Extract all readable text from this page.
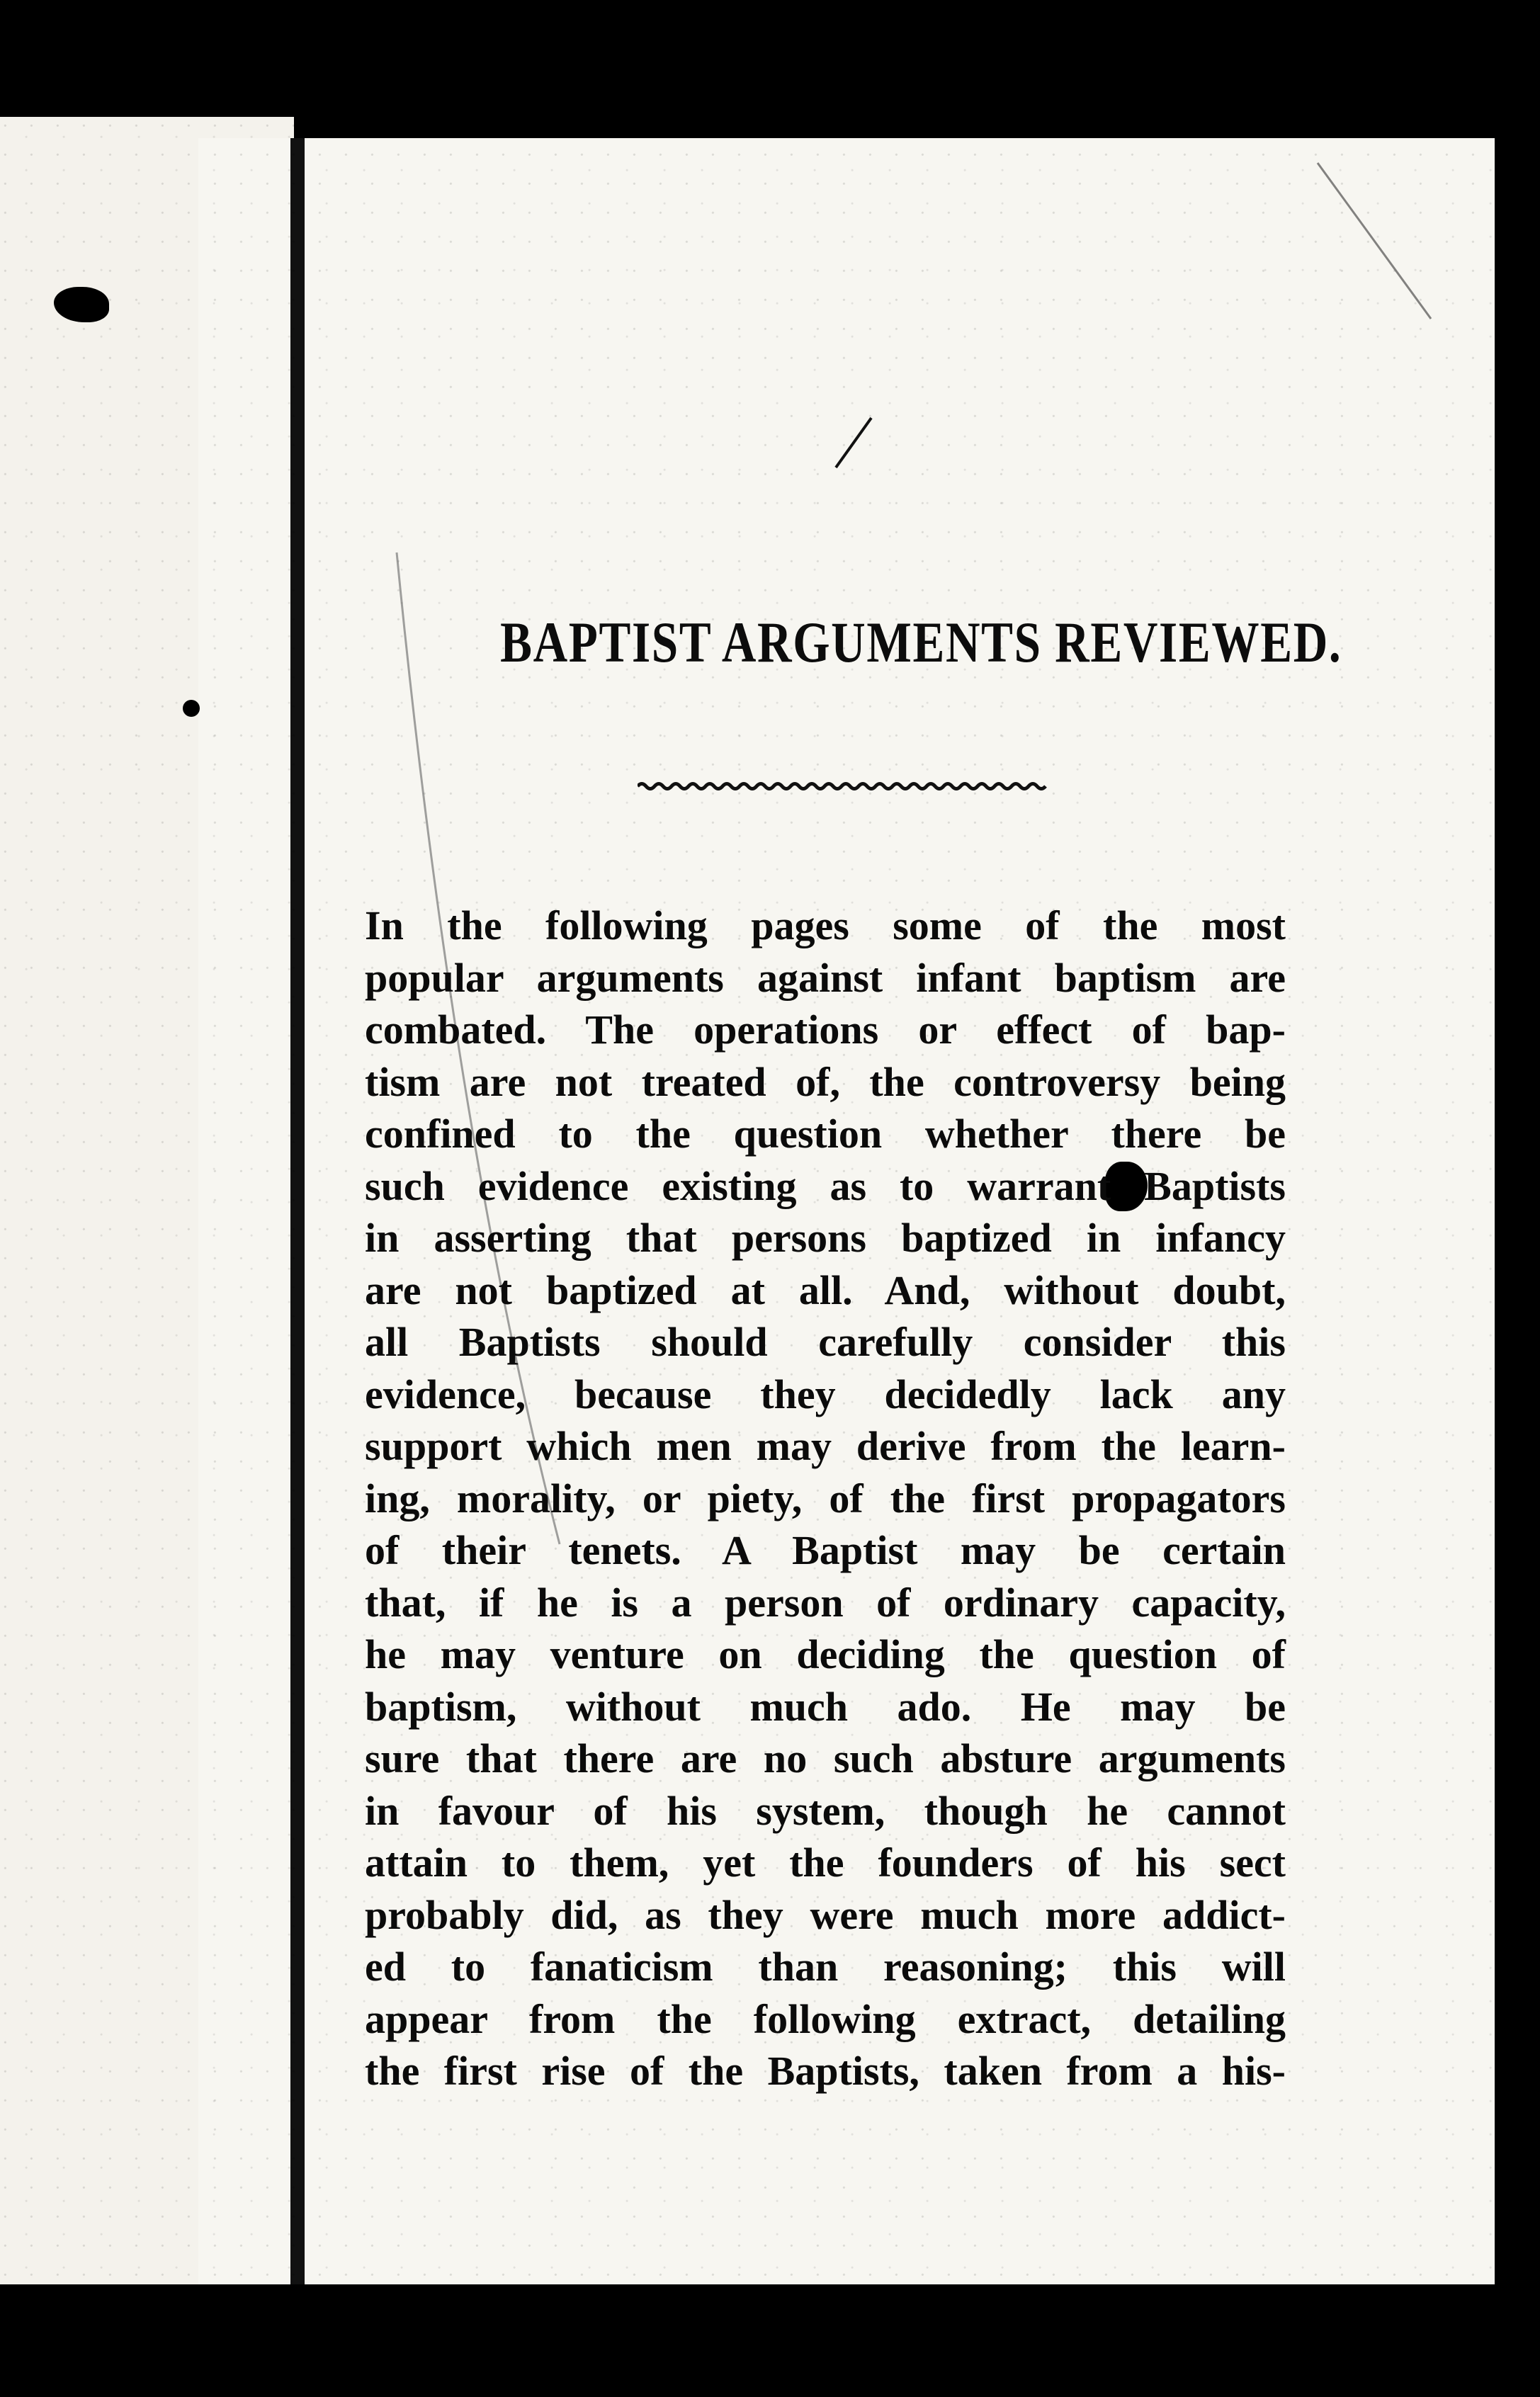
BAPTIST ARGUMENTS REVIEWED.
In the following pages some of the most
popular arguments against infant baptism are
combated. The operations or effect of bap-
tism are not treated of, the controversy being
confined to the question whether there be
such evidence existing as to warrant Baptists
in asserting that persons baptized in infancy
are not baptized at all. And, without doubt,
all Baptists should carefully consider this
evidence, because they decidedly lack any
support which men may derive from the learn-
ing, morality, or piety, of the first propagators
of their tenets. A Baptist may be certain
that, if he is a person of ordinary capacity,
he may venture on deciding the question of
baptism, without much ado. He may be
sure that there are no such absture arguments
in favour of his system, though he cannot
attain to them, yet the founders of his sect
probably did, as they were much more addict-
ed to fanaticism than reasoning; this will
appear from the following extract, detailing
the first rise of the Baptists, taken from a his-
